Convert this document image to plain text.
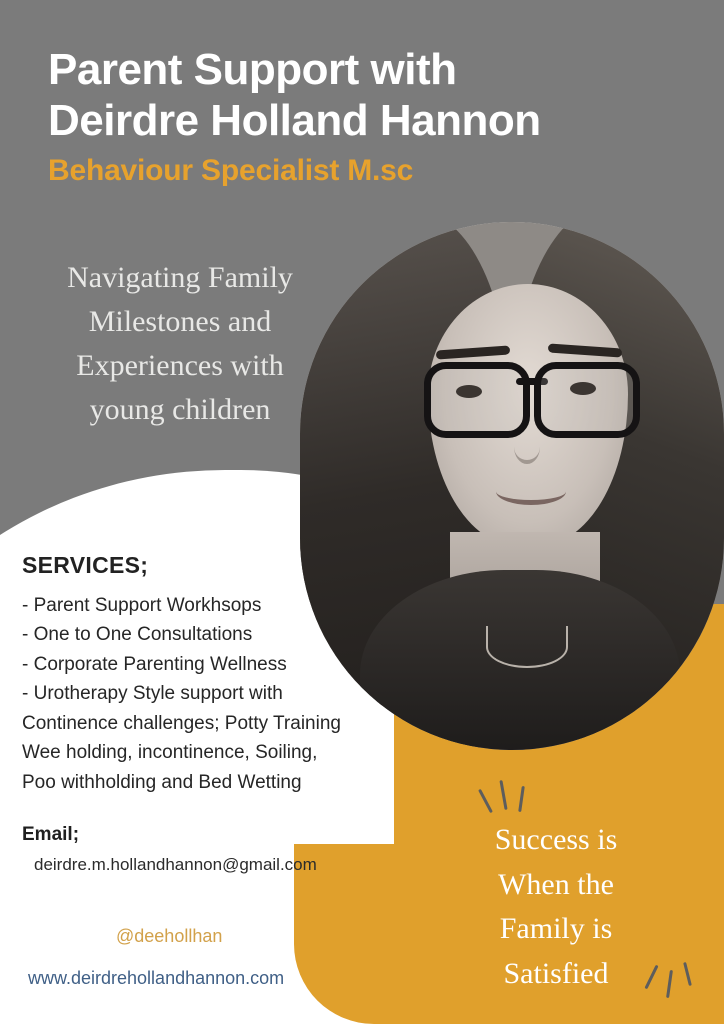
Parent Support with
Deirdre Holland Hannon
Behaviour Specialist M.sc
Navigating Family
Milestones and
Experiences with
young children
SERVICES;
- Parent Support Workhsops
- One to One Consultations
- Corporate Parenting Wellness
- Urotherapy Style support with
Continence challenges; Potty Training
Wee holding, incontinence, Soiling,
Poo withholding and Bed Wetting
Email;
deirdre.m.hollandhannon@gmail.com
@deehollhan
www.deirdrehollandhannon.com
Success is
When the
Family is
Satisfied
